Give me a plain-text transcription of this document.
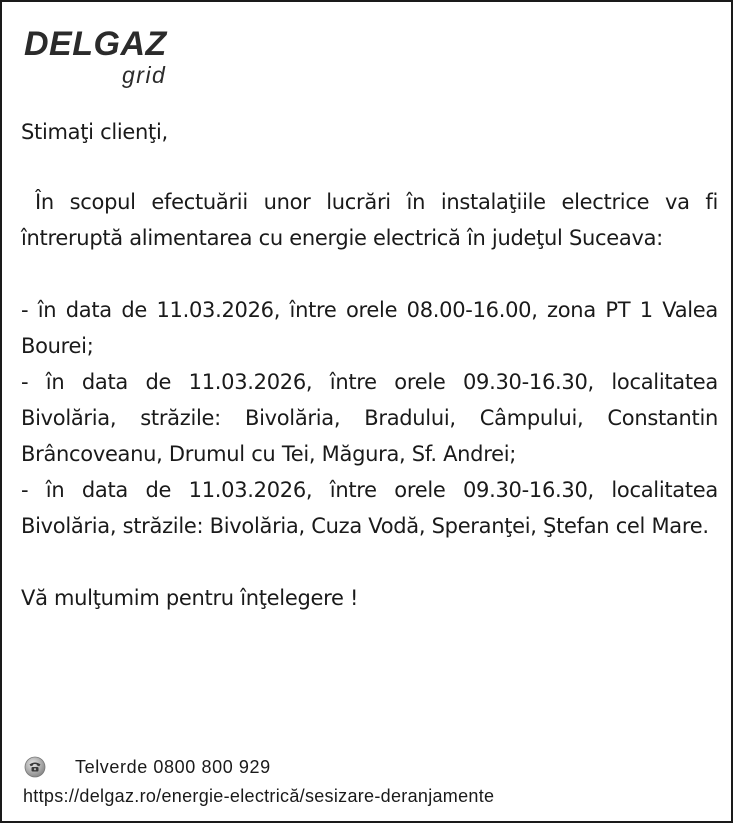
DELGAZ
grid

Stimaţi clienţi,

În scopul efectuării unor lucrări în instalaţiile electrice va fi întreruptă alimentarea cu energie electrică în judeţul Suceava:

- în data de 11.03.2026, între orele 08.00-16.00, zona PT 1 Valea Bourei;

- în data de 11.03.2026, între orele 09.30-16.30, localitatea Bivolăria, străzile: Bivolăria, Bradului, Câmpului, Constantin Brâncoveanu, Drumul cu Tei, Măgura, Sf. Andrei;

- în data de 11.03.2026, între orele 09.30-16.30, localitatea Bivolăria, străzile: Bivolăria, Cuza Vodă, Speranţei, Ştefan cel Mare.

Vă mulţumim pentru înţelegere !

Telverde 0800 800 929
https://delgaz.ro/energie-electrică/sesizare-deranjamente
